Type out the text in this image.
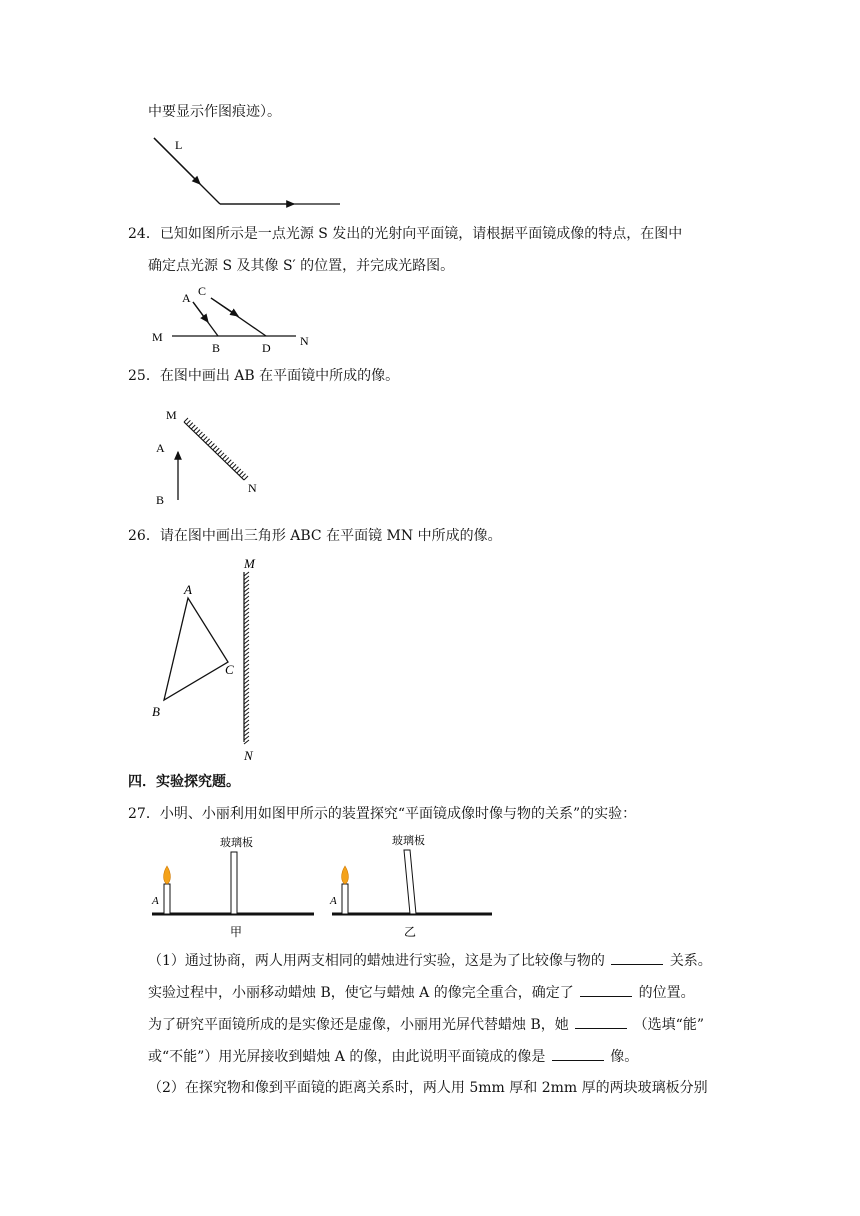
中要显示作图痕迹）。
L
24．已知如图所示是一点光源 S 发出的光射向平面镜，请根据平面镜成像的特点，在图中
确定点光源 S 及其像 S′ 的位置，并完成光路图。
A C
M
B	D N
25．在图中画出 AB 在平面镜中所成的像。
M
A
B
N
26．请在图中画出三角形 ABC 在平面镜 MN 中所成的像。
A
B
C
M
N
四．实验探究题。
27．小明、小丽利用如图甲所示的装置探究“平面镜成像时像与物的关系”的实验：
玻璃板
A
甲
玻璃板
A
乙
（1）通过协商，两人用两支相同的蜡烛进行实验，这是为了比较像与物的	关系。
实验过程中，小丽移动蜡烛 B，使它与蜡烛 A 的像完全重合，确定了	的位置。
为了研究平面镜所成的是实像还是虚像，小丽用光屏代替蜡烛 B，她	（选填“能”
或“不能”）用光屏接收到蜡烛 A 的像，由此说明平面镜成的像是	像。
（2）在探究物和像到平面镜的距离关系时，两人用 5mm 厚和 2mm 厚的两块玻璃板分别
